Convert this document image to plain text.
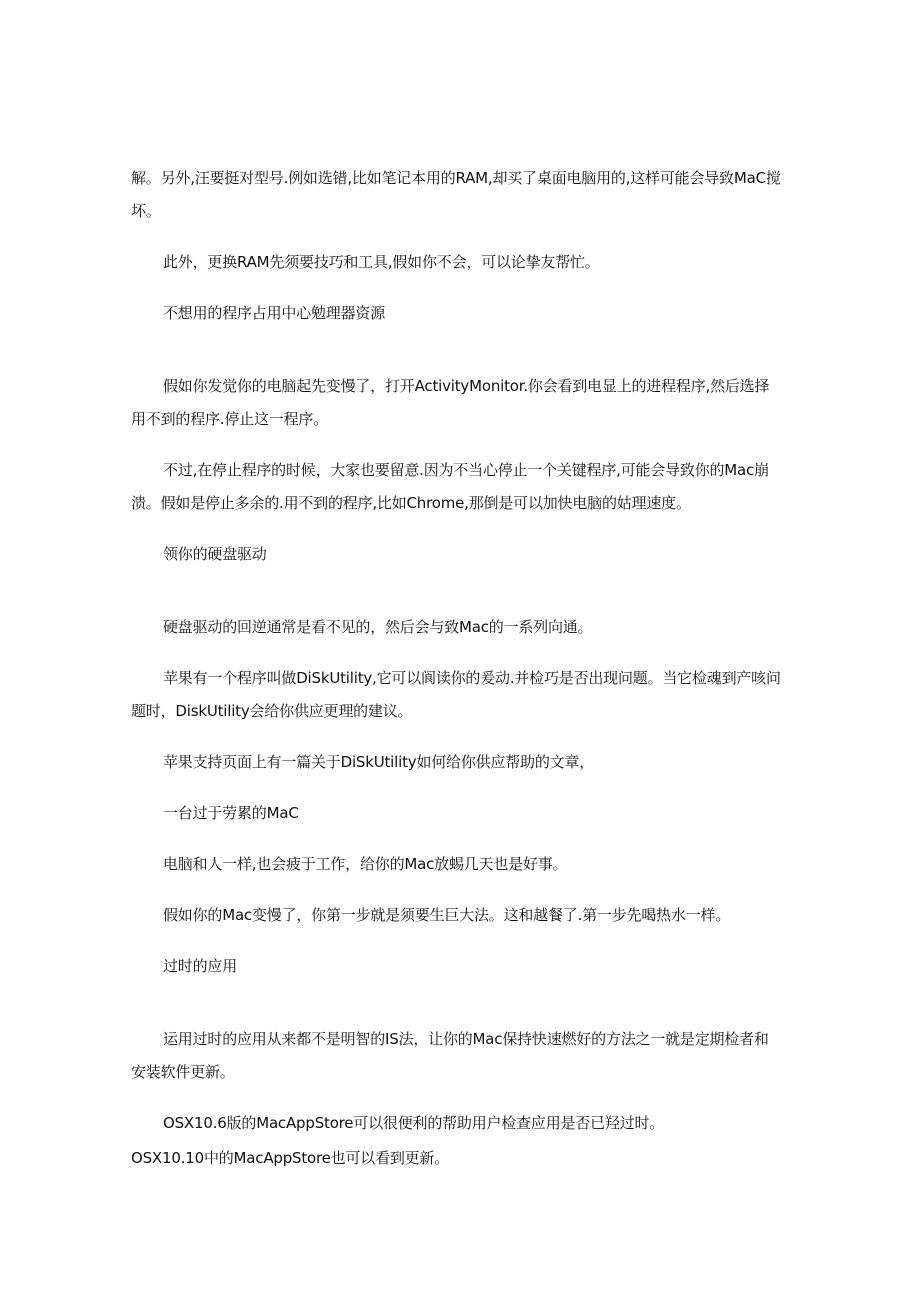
解。另外,汪要挺对型号.例如选错,比如笔记本用的RAM,却买了桌面电脑用的,这样可能会导致MaC搅坏。

此外，更换RAM先须要技巧和工具,假如你不会，可以论挚友帮忙。

不想用的程序占用中心勉理器资源

假如你发觉你的电脑起先变慢了，打开ActivityMonitor.你会看到电显上的进程程序,然后选择用不到的程序.停止这一程序。

不过,在停止程序的时候，大家也要留意.因为不当心停止一个关键程序,可能会导致你的Mac崩溃。假如是停止多余的.用不到的程序,比如Chrome,那倒是可以加快电脑的姑理速度。

领你的硬盘驱动

硬盘驱动的回逆通常是看不见的，然后会与致Mac的一系列向通。

苹果有一个程序叫做DiSkUtility,它可以阆读你的爰动.并检巧是否出现问题。当它检魂到产咳问题时，DiskUtility会给你供应更理的建议。

苹果支持页面上有一篇关于DiSkUtility如何给你供应帮助的文章，

一台过于劳累的MaC

电脑和人一样,也会疲于工作，给你的Mac放蜴几天也是好事。

假如你的Mac变慢了，你第一步就是须要生巨大法。这和越餐了.第一步先喝热水一样。

过时的应用

运用过时的应用从来都不是明智的IS法，让你的Mac保持快速燃好的方法之一就是定期检者和安装软件更新。

OSX10.6版的MacAppStore可以很便利的帮助用户检查应用是否已羟过时。

OSX10.10中的MacAppStore也可以看到更新。
